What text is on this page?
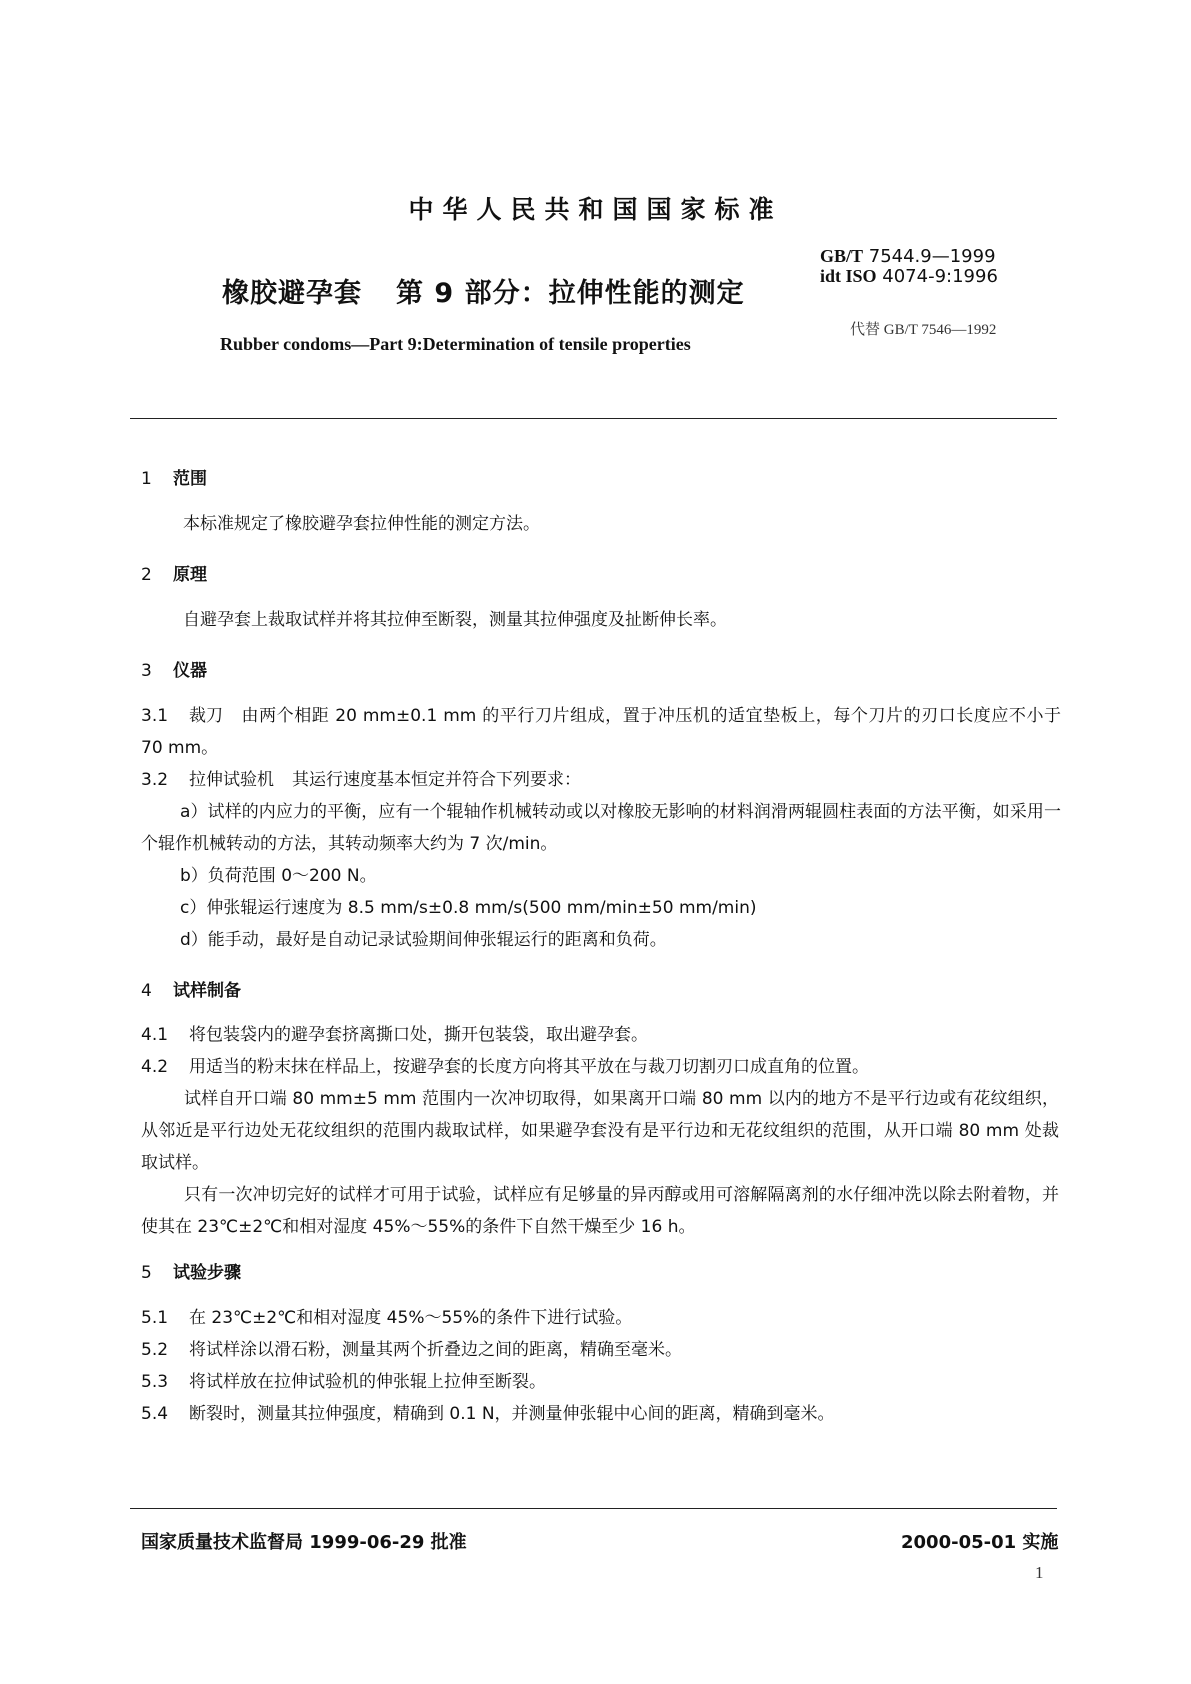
中华人民共和国国家标准
橡胶避孕套 第 9 部分：拉伸性能的测定
Rubber condoms—Part 9:Determination of tensile properties
GB/T 7544.9—1999
idt ISO 4074-9:1996
代替 GB/T 7546—1992
1 范围
本标准规定了橡胶避孕套拉伸性能的测定方法。
2 原理
自避孕套上裁取试样并将其拉伸至断裂，测量其拉伸强度及扯断伸长率。
3 仪器
3.1 裁刀 由两个相距 20 mm±0.1 mm 的平行刀片组成，置于冲压机的适宜垫板上，每个刀片的刃口长度应不小于 70 mm。
3.2 拉伸试验机 其运行速度基本恒定并符合下列要求：
a）试样的内应力的平衡，应有一个辊轴作机械转动或以对橡胶无影响的材料润滑两辊圆柱表面的方法平衡，如采用一个辊作机械转动的方法，其转动频率大约为 7 次/min。
b）负荷范围 0～200 N。
c）伸张辊运行速度为 8.5 mm/s±0.8 mm/s(500 mm/min±50 mm/min)
d）能手动，最好是自动记录试验期间伸张辊运行的距离和负荷。
4 试样制备
4.1 将包装袋内的避孕套挤离撕口处，撕开包装袋，取出避孕套。
4.2 用适当的粉末抹在样品上，按避孕套的长度方向将其平放在与裁刀切割刃口成直角的位置。
试样自开口端 80 mm±5 mm 范围内一次冲切取得，如果离开口端 80 mm 以内的地方不是平行边或有花纹组织，从邻近是平行边处无花纹组织的范围内裁取试样，如果避孕套没有是平行边和无花纹组织的范围，从开口端 80 mm 处裁取试样。
只有一次冲切完好的试样才可用于试验，试样应有足够量的异丙醇或用可溶解隔离剂的水仔细冲洗以除去附着物，并使其在 23℃±2℃和相对湿度 45%～55%的条件下自然干燥至少 16 h。
5 试验步骤
5.1 在 23℃±2℃和相对湿度 45%～55%的条件下进行试验。
5.2 将试样涂以滑石粉，测量其两个折叠边之间的距离，精确至毫米。
5.3 将试样放在拉伸试验机的伸张辊上拉伸至断裂。
5.4 断裂时，测量其拉伸强度，精确到 0.1 N，并测量伸张辊中心间的距离，精确到毫米。
国家质量技术监督局 1999-06-29 批准	2000-05-01 实施
1
